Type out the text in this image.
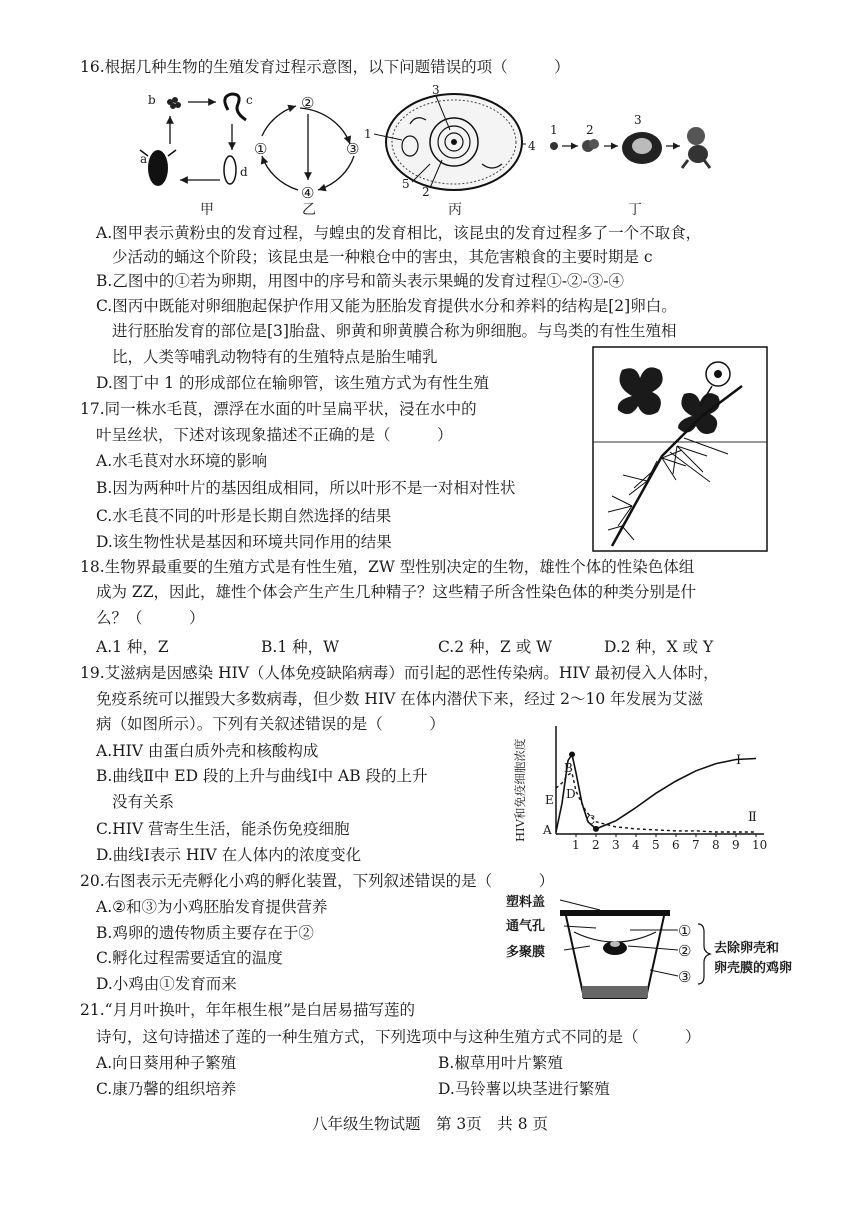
16.根据几种生物的生殖发育过程示意图，以下问题错误的项（　　　）
a
b	c
d
甲
②
③
④
①
乙
3
1
4
5
2
丙
1 2
3
丁
A.图甲表示黄粉虫的发育过程，与蝗虫的发育相比，该昆虫的发育过程多了一个不取食，
少活动的蛹这个阶段；该昆虫是一种粮仓中的害虫，其危害粮食的主要时期是 c
B.乙图中的①若为卵期，用图中的序号和箭头表示果蝇的发育过程①-②-③-④
C.图丙中既能对卵细胞起保护作用又能为胚胎发育提供水分和养料的结构是[2]卵白。
进行胚胎发育的部位是[3]胎盘、卵黄和卵黄膜合称为卵细胞。与鸟类的有性生殖相
比，人类等哺乳动物特有的生殖特点是胎生哺乳
D.图丁中 1 的形成部位在输卵管，该生殖方式为有性生殖
17.同一株水毛茛，漂浮在水面的叶呈扁平状，浸在水中的
叶呈丝状，下述对该现象描述不正确的是（　　　）
A.水毛茛对水环境的影响
B.因为两种叶片的基因组成相同，所以叶形不是一对相对性状
C.水毛茛不同的叶形是长期自然选择的结果
D.该生物性状是基因和环境共同作用的结果
18.生物界最重要的生殖方式是有性生殖，ZW 型性别决定的生物，雄性个体的性染色体组
成为 ZZ，因此，雄性个体会产生产生几种精子？这些精子所含性染色体的种类分别是什
么？（　　　）
A.1 种，Z	B.1 种，W	C.2 种，Z 或 W	D.2 种，X 或 Y
19.艾滋病是因感染 HIV（人体免疫缺陷病毒）而引起的恶性传染病。HIV 最初侵入人体时，
免疫系统可以摧毁大多数病毒，但少数 HIV 在体内潜伏下来，经过 2～10 年发展为艾滋
病（如图所示）。下列有关叙述错误的是（　　　）
A.HIV 由蛋白质外壳和核酸构成
B.曲线Ⅱ中 ED 段的上升与曲线Ⅰ中 AB 段的上升
没有关系
C.HIV 营寄生生活，能杀伤免疫细胞
D.曲线Ⅰ表示 HIV 在人体内的浓度变化
1 2 3 4 5 6 7 8 9 10
HIV和免疫细胞浓度	Ⅰ
Ⅱ
A
B
C
D
E
20.右图表示无壳孵化小鸡的孵化装置，下列叙述错误的是（　　　）
A.②和③为小鸡胚胎发育提供营养
B.鸡卵的遗传物质主要存在于②
C.孵化过程需要适宜的温度
D.小鸡由①发育而来
塑料盖
通气孔
多聚膜
①
②
③
去除卵壳和
卵壳膜的鸡卵
21.“月月叶换叶，年年根生根”是白居易描写莲的
诗句，这句诗描述了莲的一种生殖方式，下列选项中与这种生殖方式不同的是（　　　）
A.向日葵用种子繁殖	B.椒草用叶片繁殖
C.康乃馨的组织培养	D.马铃薯以块茎进行繁殖
八年级生物试题　第 3页　共 8 页
